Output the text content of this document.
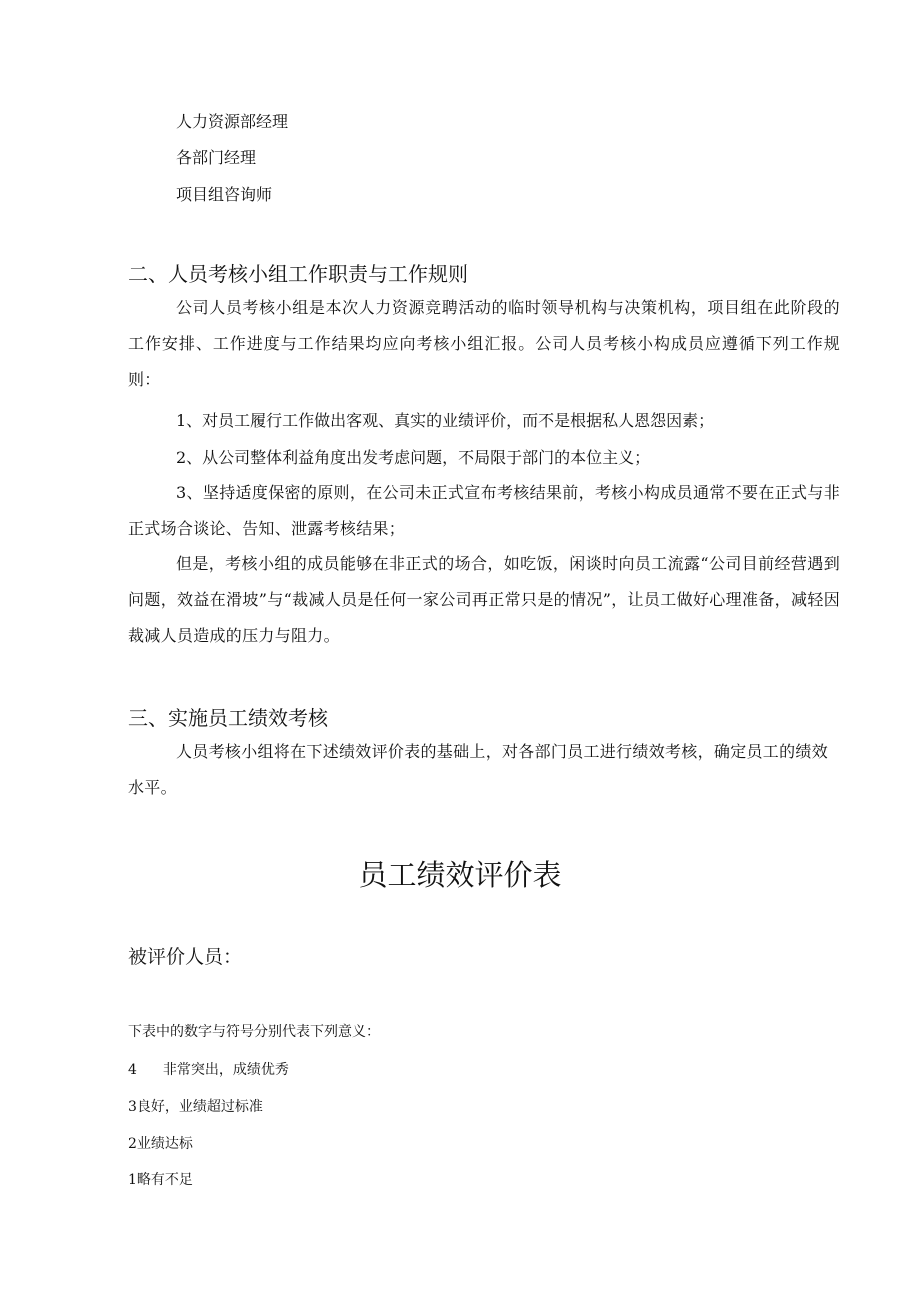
人力资源部经理
各部门经理
项目组咨询师
二、人员考核小组工作职责与工作规则
公司人员考核小组是本次人力资源竞聘活动的临时领导机构与决策机构，项目组在此阶段的工作安排、工作进度与工作结果均应向考核小组汇报。公司人员考核小构成员应遵循下列工作规则：
1、对员工履行工作做出客观、真实的业绩评价，而不是根据私人恩怨因素；
2、从公司整体利益角度出发考虑问题，不局限于部门的本位主义；
3、坚持适度保密的原则，在公司未正式宣布考核结果前，考核小构成员通常不要在正式与非正式场合谈论、告知、泄露考核结果；
但是，考核小组的成员能够在非正式的场合，如吃饭，闲谈时向员工流露“公司目前经营遇到问题，效益在滑坡”与“裁减人员是任何一家公司再正常只是的情况”，让员工做好心理准备，减轻因裁减人员造成的压力与阻力。
三、实施员工绩效考核
人员考核小组将在下述绩效评价表的基础上，对各部门员工进行绩效考核，确定员工的绩效水平。
员工绩效评价表
被评价人员：
下表中的数字与符号分别代表下列意义：
4 非常突出，成绩优秀
3良好，业绩超过标准
2业绩达标
1略有不足
